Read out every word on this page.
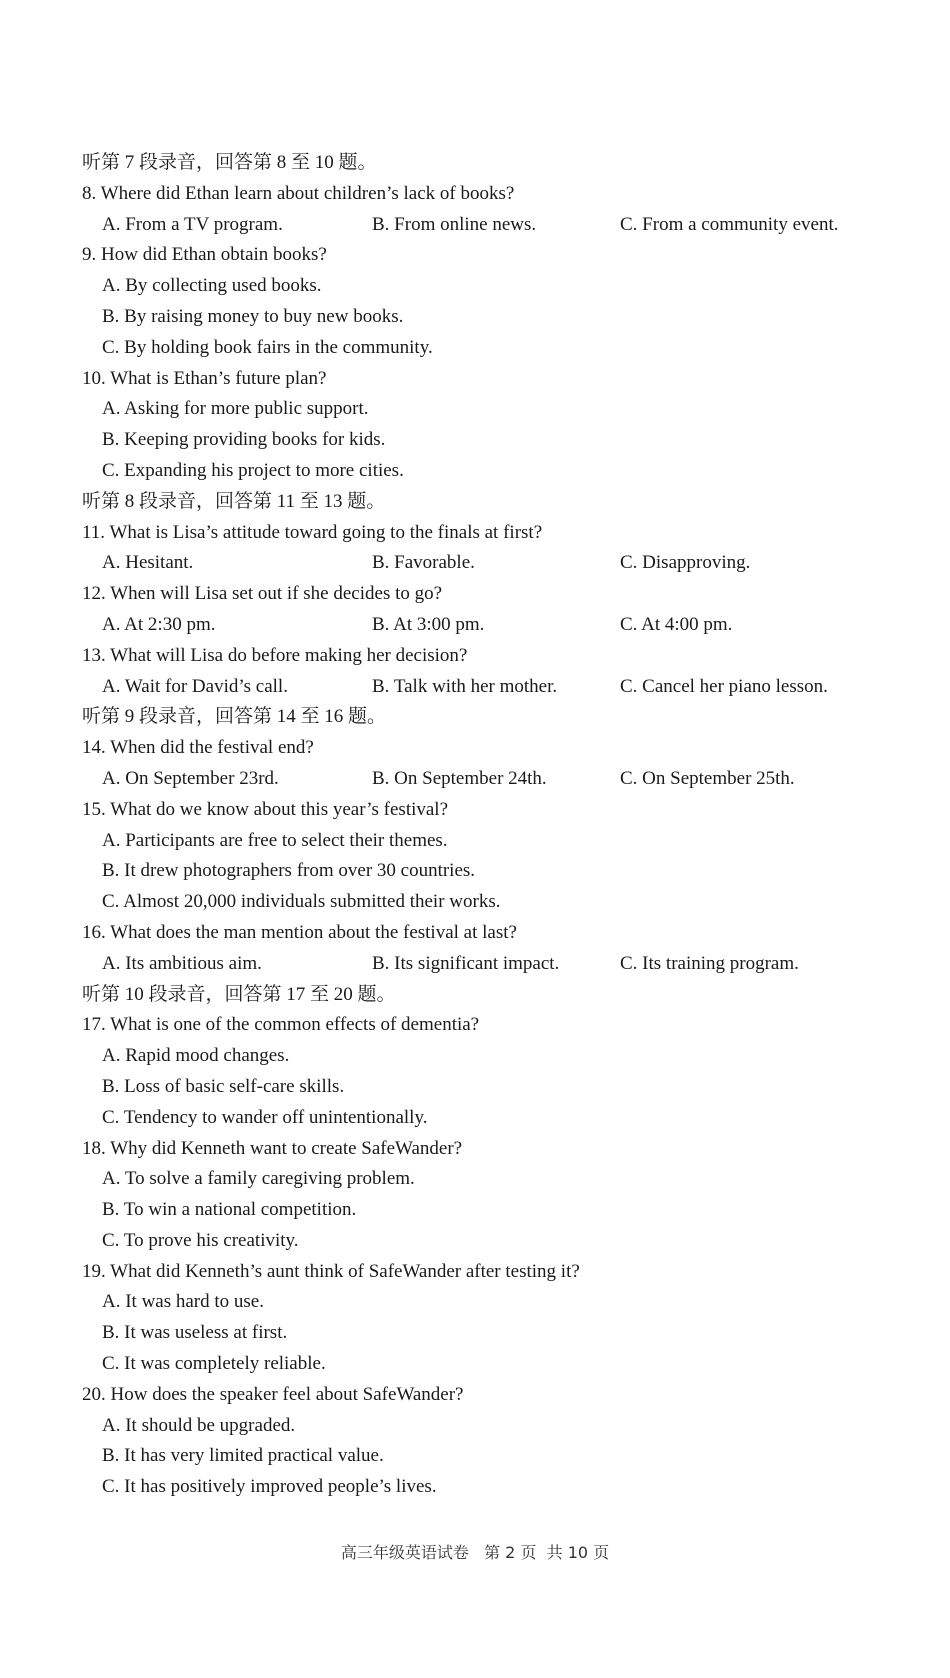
听第 7 段录音，回答第 8 至 10 题。
8. Where did Ethan learn about children’s lack of books?
A. From a TV program.	B. From online news.	C. From a community event.
9. How did Ethan obtain books?
A. By collecting used books.
B. By raising money to buy new books.
C. By holding book fairs in the community.
10. What is Ethan’s future plan?
A. Asking for more public support.
B. Keeping providing books for kids.
C. Expanding his project to more cities.
听第 8 段录音，回答第 11 至 13 题。
11. What is Lisa’s attitude toward going to the finals at first?
A. Hesitant.	B. Favorable.	C. Disapproving.
12. When will Lisa set out if she decides to go?
A. At 2:30 pm.	B. At 3:00 pm.	C. At 4:00 pm.
13. What will Lisa do before making her decision?
A. Wait for David’s call.	B. Talk with her mother.	C. Cancel her piano lesson.
听第 9 段录音，回答第 14 至 16 题。
14. When did the festival end?
A. On September 23rd.	B. On September 24th.	C. On September 25th.
15. What do we know about this year’s festival?
A. Participants are free to select their themes.
B. It drew photographers from over 30 countries.
C. Almost 20,000 individuals submitted their works.
16. What does the man mention about the festival at last?
A. Its ambitious aim.	B. Its significant impact.	C. Its training program.
听第 10 段录音，回答第 17 至 20 题。
17. What is one of the common effects of dementia?
A. Rapid mood changes.
B. Loss of basic self-care skills.
C. Tendency to wander off unintentionally.
18. Why did Kenneth want to create SafeWander?
A. To solve a family caregiving problem.
B. To win a national competition.
C. To prove his creativity.
19. What did Kenneth’s aunt think of SafeWander after testing it?
A. It was hard to use.
B. It was useless at first.
C. It was completely reliable.
20. How does the speaker feel about SafeWander?
A. It should be upgraded.
B. It has very limited practical value.
C. It has positively improved people’s lives.
高三年级英语试卷   第 2 页  共 10 页
